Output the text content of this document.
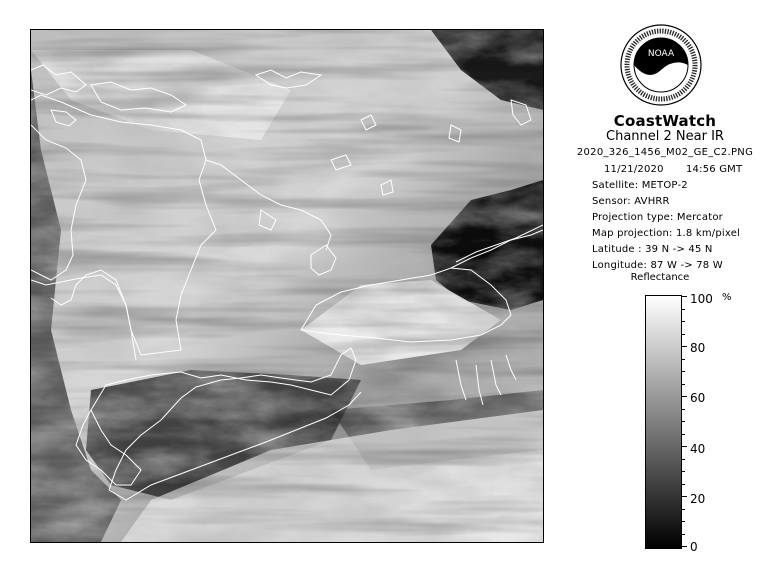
NOAA
CoastWatch
Channel 2 Near IR
2020_326_1456_M02_GE_C2.PNG
11/21/2020 14:56 GMT
Satellite: METOP-2
Sensor: AVHRR
Projection type: Mercator
Map projection: 1.8 km/pixel
Latitude : 39 N -> 45 N
Longitude: 87 W -> 78 W
Reflectance
%
100
80
60
40
20
0
